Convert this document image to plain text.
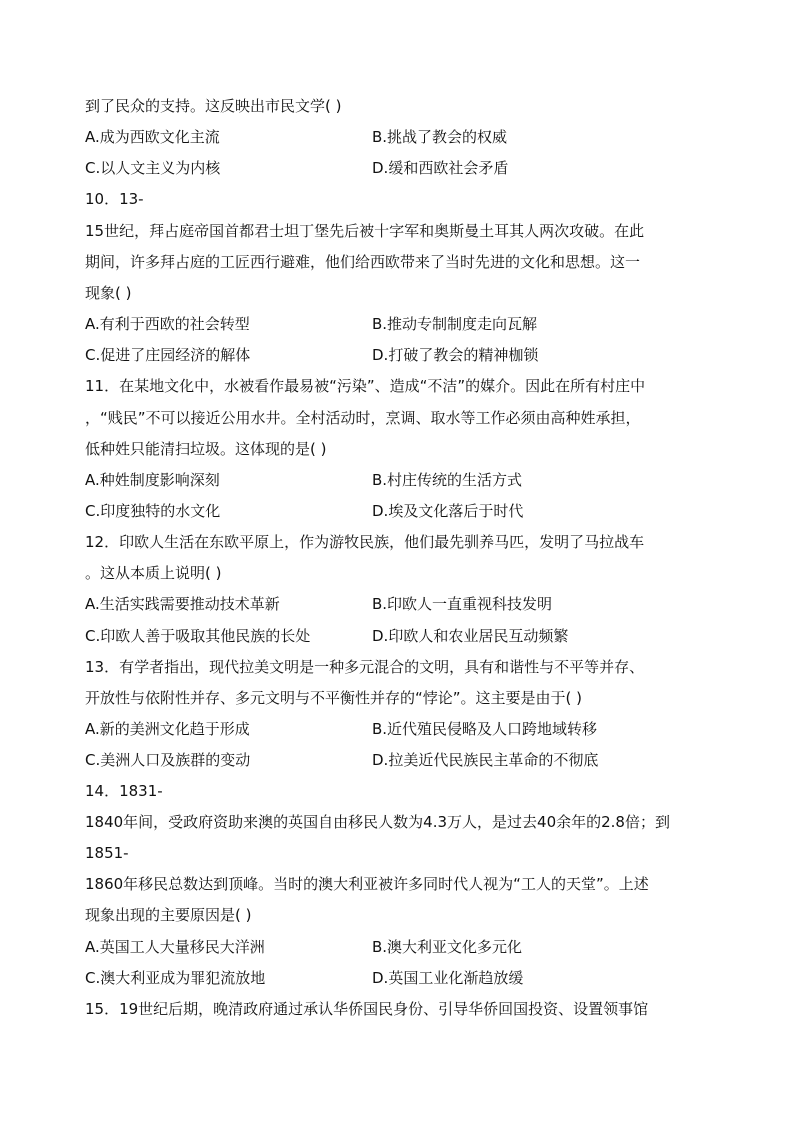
到了民众的支持。这反映出市民文学( )
A.成为西欧文化主流	B.挑战了教会的权威
C.以人文主义为内核	D.缓和西欧社会矛盾
10．13-
15世纪，拜占庭帝国首都君士坦丁堡先后被十字军和奥斯曼土耳其人两次攻破。在此
期间，许多拜占庭的工匠西行避难，他们给西欧带来了当时先进的文化和思想。这一
现象( )
A.有利于西欧的社会转型	B.推动专制制度走向瓦解
C.促进了庄园经济的解体	D.打破了教会的精神枷锁
11．在某地文化中，水被看作最易被“污染”、造成“不洁”的媒介。因此在所有村庄中
，“贱民”不可以接近公用水井。全村活动时，烹调、取水等工作必须由高种姓承担，
低种姓只能清扫垃圾。这体现的是( )
A.种姓制度影响深刻	B.村庄传统的生活方式
C.印度独特的水文化	D.埃及文化落后于时代
12．印欧人生活在东欧平原上，作为游牧民族，他们最先驯养马匹，发明了马拉战车
。这从本质上说明( )
A.生活实践需要推动技术革新	B.印欧人一直重视科技发明
C.印欧人善于吸取其他民族的长处	D.印欧人和农业居民互动频繁
13．有学者指出，现代拉美文明是一种多元混合的文明，具有和谐性与不平等并存、
开放性与依附性并存、多元文明与不平衡性并存的“悖论”。这主要是由于( )
A.新的美洲文化趋于形成	B.近代殖民侵略及人口跨地域转移
C.美洲人口及族群的变动	D.拉美近代民族民主革命的不彻底
14．1831-
1840年间，受政府资助来澳的英国自由移民人数为4.3万人，是过去40余年的2.8倍；到
1851-
1860年移民总数达到顶峰。当时的澳大利亚被许多同时代人视为“工人的天堂”。上述
现象出现的主要原因是( )
A.英国工人大量移民大洋洲	B.澳大利亚文化多元化
C.澳大利亚成为罪犯流放地	D.英国工业化渐趋放缓
15．19世纪后期，晚清政府通过承认华侨国民身份、引导华侨回国投资、设置领事馆
